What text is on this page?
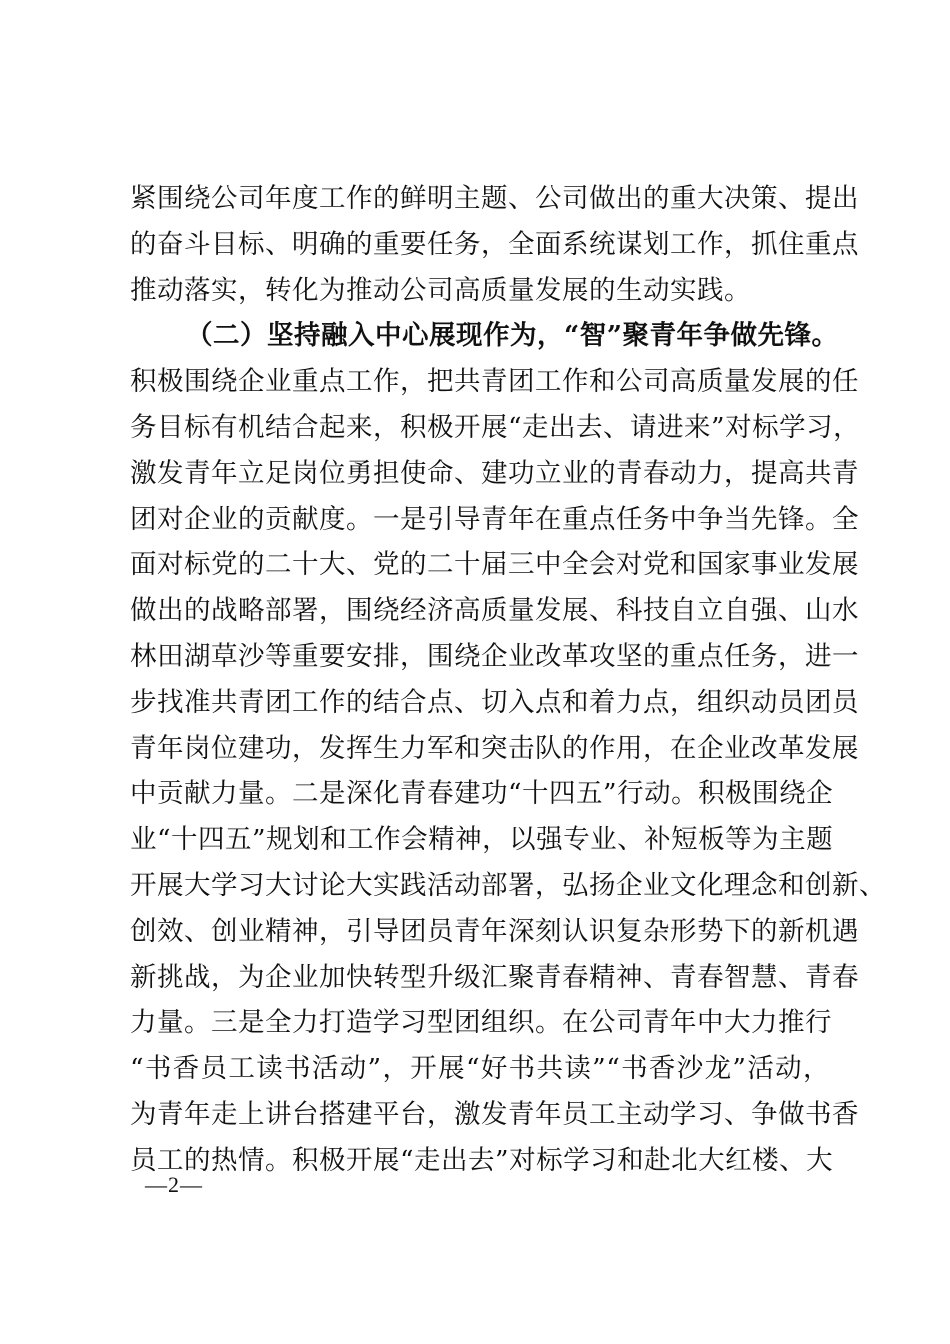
紧围绕公司年度工作的鲜明主题、公司做出的重大决策、提出
的奋斗目标、明确的重要任务，全面系统谋划工作，抓住重点
推动落实，转化为推动公司高质量发展的生动实践。
（二）坚持融入中心展现作为，“智”聚青年争做先锋。
积极围绕企业重点工作，把共青团工作和公司高质量发展的任
务目标有机结合起来，积极开展“走出去、请进来”对标学习，
激发青年立足岗位勇担使命、建功立业的青春动力，提高共青
团对企业的贡献度。一是引导青年在重点任务中争当先锋。全
面对标党的二十大、党的二十届三中全会对党和国家事业发展
做出的战略部署，围绕经济高质量发展、科技自立自强、山水
林田湖草沙等重要安排，围绕企业改革攻坚的重点任务，进一
步找准共青团工作的结合点、切入点和着力点，组织动员团员
青年岗位建功，发挥生力军和突击队的作用，在企业改革发展
中贡献力量。二是深化青春建功“十四五”行动。积极围绕企
业“十四五”规划和工作会精神，以强专业、补短板等为主题
开展大学习大讨论大实践活动部署，弘扬企业文化理念和创新、
创效、创业精神，引导团员青年深刻认识复杂形势下的新机遇
新挑战，为企业加快转型升级汇聚青春精神、青春智慧、青春
力量。三是全力打造学习型团组织。在公司青年中大力推行
“书香员工读书活动”，开展“好书共读”“书香沙龙”活动，
为青年走上讲台搭建平台，激发青年员工主动学习、争做书香
员工的热情。积极开展“走出去”对标学习和赴北大红楼、大
—2—
